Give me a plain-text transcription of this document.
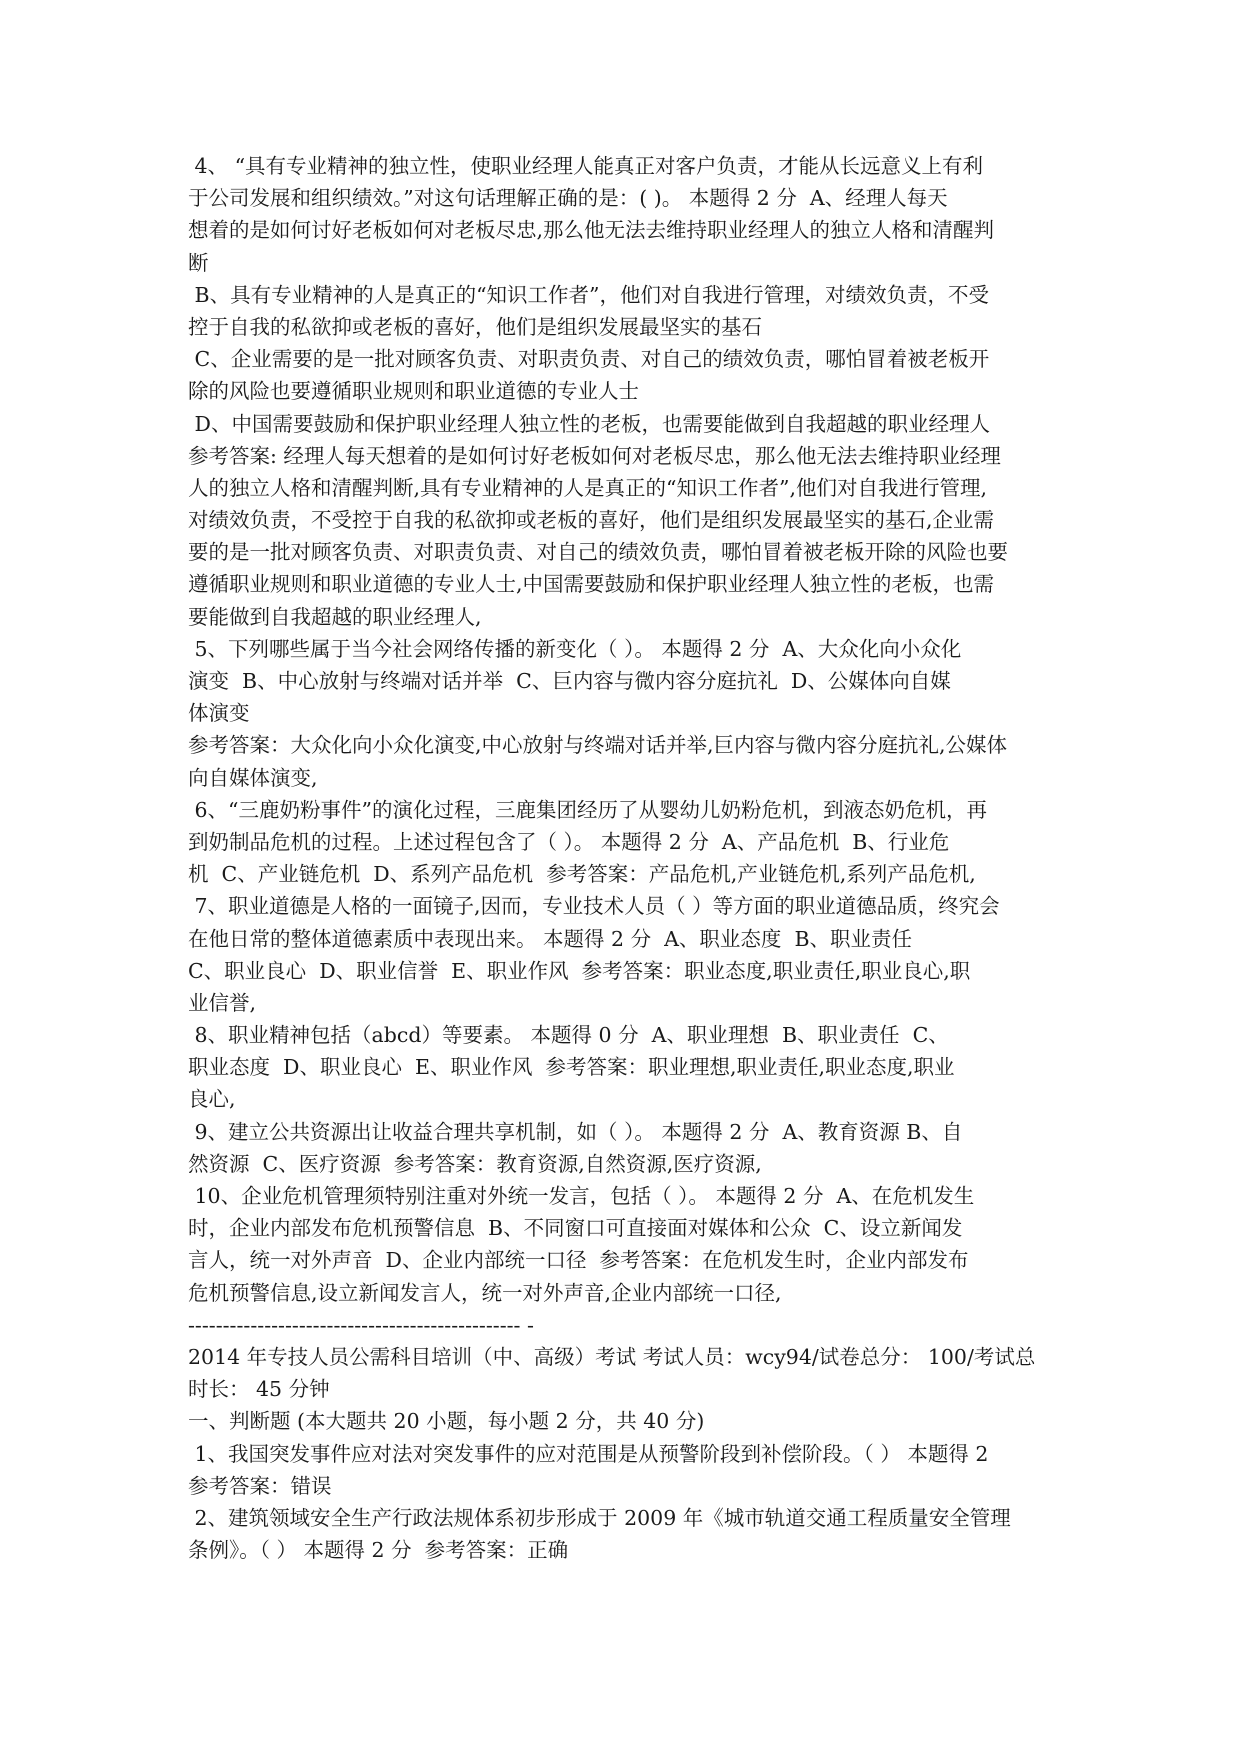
4、 “具有专业精神的独立性，使职业经理人能真正对客户负责，才能从长远意义上有利
于公司发展和组织绩效。”对这句话理解正确的是：( )。 本题得 2 分  A、经理人每天
想着的是如何讨好老板如何对老板尽忠,那么他无法去维持职业经理人的独立人格和清醒判
断
B、具有专业精神的人是真正的“知识工作者”，他们对自我进行管理，对绩效负责，不受
控于自我的私欲抑或老板的喜好，他们是组织发展最坚实的基石
C、企业需要的是一批对顾客负责、对职责负责、对自己的绩效负责，哪怕冒着被老板开
除的风险也要遵循职业规则和职业道德的专业人士
D、中国需要鼓励和保护职业经理人独立性的老板，也需要能做到自我超越的职业经理人
参考答案: 经理人每天想着的是如何讨好老板如何对老板尽忠，那么他无法去维持职业经理
人的独立人格和清醒判断,具有专业精神的人是真正的“知识工作者”,他们对自我进行管理,
对绩效负责，不受控于自我的私欲抑或老板的喜好，他们是组织发展最坚实的基石,企业需
要的是一批对顾客负责、对职责负责、对自己的绩效负责，哪怕冒着被老板开除的风险也要
遵循职业规则和职业道德的专业人士,中国需要鼓励和保护职业经理人独立性的老板，也需
要能做到自我超越的职业经理人,
5、下列哪些属于当今社会网络传播的新变化（ ）。 本题得 2 分  A、大众化向小众化
演变  B、中心放射与终端对话并举  C、巨内容与微内容分庭抗礼  D、公媒体向自媒
体演变
参考答案：大众化向小众化演变,中心放射与终端对话并举,巨内容与微内容分庭抗礼,公媒体
向自媒体演变,
6、“三鹿奶粉事件”的演化过程，三鹿集团经历了从婴幼儿奶粉危机，到液态奶危机，再
到奶制品危机的过程。上述过程包含了（ ）。 本题得 2 分  A、产品危机  B、行业危
机  C、产业链危机  D、系列产品危机  参考答案：产品危机,产业链危机,系列产品危机,
7、职业道德是人格的一面镜子,因而，专业技术人员（ ）等方面的职业道德品质，终究会
在他日常的整体道德素质中表现出来。 本题得 2 分  A、职业态度  B、职业责任
C、职业良心  D、职业信誉  E、职业作风  参考答案：职业态度,职业责任,职业良心,职
业信誉,
8、职业精神包括（abcd）等要素。 本题得 0 分  A、职业理想  B、职业责任  C、
职业态度  D、职业良心  E、职业作风  参考答案：职业理想,职业责任,职业态度,职业
良心,
9、建立公共资源出让收益合理共享机制，如（ ）。 本题得 2 分  A、教育资源 B、自
然资源  C、医疗资源  参考答案：教育资源,自然资源,医疗资源,
10、企业危机管理须特别注重对外统一发言，包括（ ）。 本题得 2 分  A、在危机发生
时，企业内部发布危机预警信息  B、不同窗口可直接面对媒体和公众  C、设立新闻发
言人，统一对外声音  D、企业内部统一口径  参考答案：在危机发生时，企业内部发布
危机预警信息,设立新闻发言人，统一对外声音,企业内部统一口径,
------------------------------------------------ -
2014 年专技人员公需科目培训（中、高级）考试 考试人员：wcy94/试卷总分： 100/考试总
时长： 45 分钟
一、判断题 (本大题共 20 小题，每小题 2 分，共 40 分)
1、我国突发事件应对法对突发事件的应对范围是从预警阶段到补偿阶段。（ ） 本题得 2
参考答案：错误
2、建筑领域安全生产行政法规体系初步形成于 2009 年《城市轨道交通工程质量安全管理
条例》。（ ） 本题得 2 分  参考答案：正确
